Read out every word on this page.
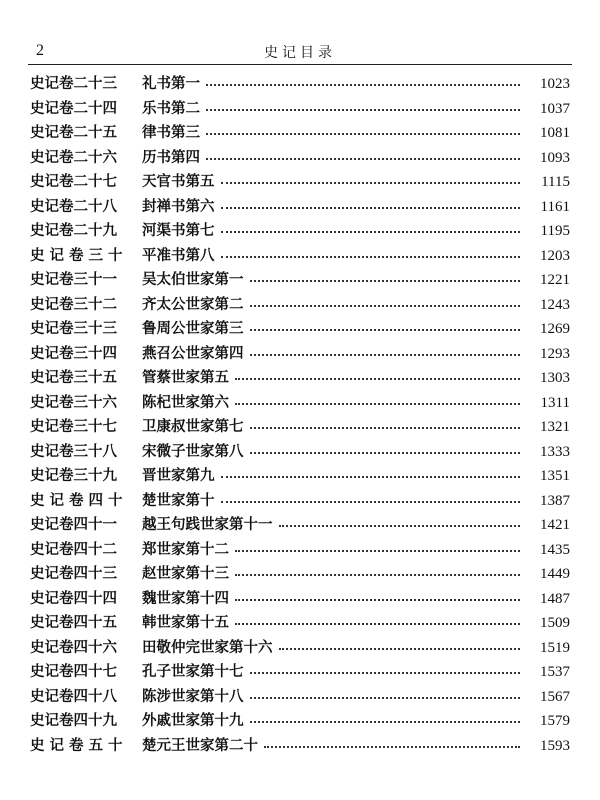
2	史记目录
史记卷二十三	礼书第一	1023
史记卷二十四	乐书第二	1037
史记卷二十五	律书第三	1081
史记卷二十六	历书第四	1093
史记卷二十七	天官书第五	1115
史记卷二十八	封禅书第六	1161
史记卷二十九	河渠书第七	1195
史记卷三十	平准书第八	1203
史记卷三十一	吴太伯世家第一	1221
史记卷三十二	齐太公世家第二	1243
史记卷三十三	鲁周公世家第三	1269
史记卷三十四	燕召公世家第四	1293
史记卷三十五	管蔡世家第五	1303
史记卷三十六	陈杞世家第六	1311
史记卷三十七	卫康叔世家第七	1321
史记卷三十八	宋微子世家第八	1333
史记卷三十九	晋世家第九	1351
史记卷四十	楚世家第十	1387
史记卷四十一	越王句践世家第十一	1421
史记卷四十二	郑世家第十二	1435
史记卷四十三	赵世家第十三	1449
史记卷四十四	魏世家第十四	1487
史记卷四十五	韩世家第十五	1509
史记卷四十六	田敬仲完世家第十六	1519
史记卷四十七	孔子世家第十七	1537
史记卷四十八	陈涉世家第十八	1567
史记卷四十九	外戚世家第十九	1579
史记卷五十	楚元王世家第二十	1593
